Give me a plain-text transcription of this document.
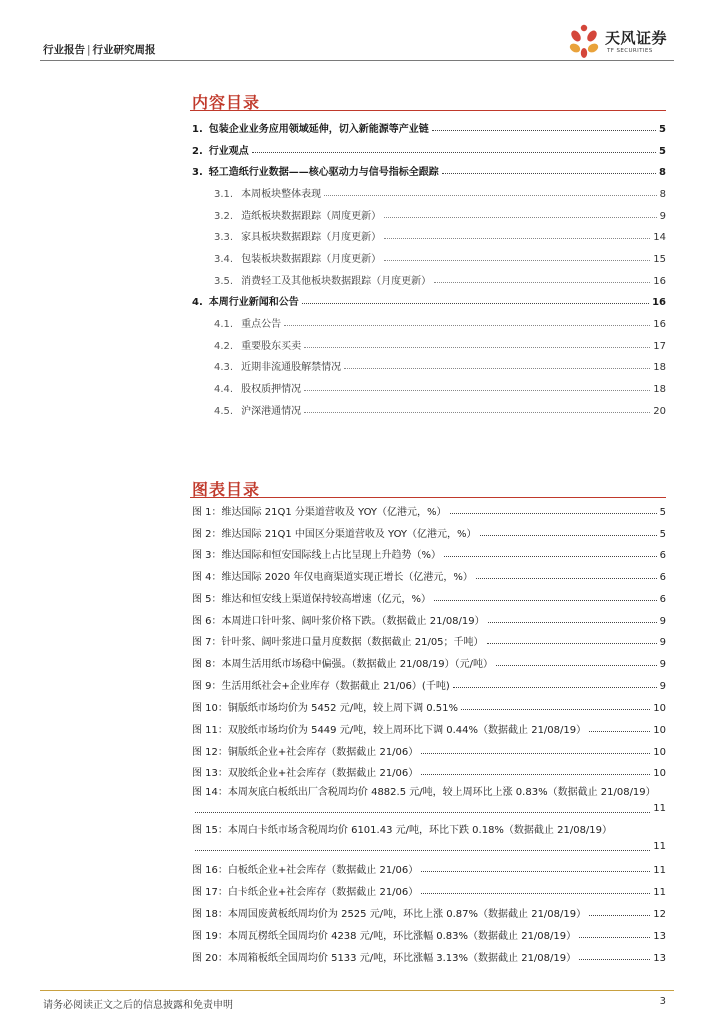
行业报告 | 行业研究周报
天风证券
TF SECURITIES
内容目录
1. 包装企业业务应用领域延伸，切入新能源等产业链	5
2. 行业观点	5
3. 轻工造纸行业数据——核心驱动力与信号指标全跟踪	8
3.1. 本周板块整体表现	8
3.2. 造纸板块数据跟踪（周度更新）	9
3.3. 家具板块数据跟踪（月度更新）	14
3.4. 包装板块数据跟踪（月度更新）	15
3.5. 消费轻工及其他板块数据跟踪（月度更新）	16
4. 本周行业新闻和公告	16
4.1. 重点公告	16
4.2. 重要股东买卖	17
4.3. 近期非流通股解禁情况	18
4.4. 股权质押情况	18
4.5. 沪深港通情况	20
图表目录
图 1：维达国际 21Q1 分渠道营收及 YOY（亿港元，%）	5
图 2：维达国际 21Q1 中国区分渠道营收及 YOY（亿港元，%）	5
图 3：维达国际和恒安国际线上占比呈现上升趋势（%）	6
图 4：维达国际 2020 年仅电商渠道实现正增长（亿港元，%）	6
图 5：维达和恒安线上渠道保持较高增速（亿元，%）	6
图 6：本周进口针叶浆、阔叶浆价格下跌。（数据截止 21/08/19）	9
图 7：针叶浆、阔叶浆进口量月度数据（数据截止 21/05；千吨）	9
图 8：本周生活用纸市场稳中偏强。（数据截止 21/08/19）（元/吨）	9
图 9：生活用纸社会+企业库存（数据截止 21/06）(千吨)	9
图 10：铜版纸市场均价为 5452 元/吨，较上周下调 0.51%	10
图 11：双胶纸市场均价为 5449 元/吨，较上周环比下调 0.44%（数据截止 21/08/19）	10
图 12：铜版纸企业+社会库存（数据截止 21/06）	10
图 13：双胶纸企业+社会库存（数据截止 21/06）	10
图 14：本周灰底白板纸出厂含税周均价 4882.5 元/吨，较上周环比上涨 0.83%（数据截止 21/08/19）
11
图 15：本周白卡纸市场含税周均价 6101.43 元/吨，环比下跌 0.18%（数据截止 21/08/19）
11
图 16：白板纸企业+社会库存（数据截止 21/06）	11
图 17：白卡纸企业+社会库存（数据截止 21/06）	11
图 18：本周国废黄板纸周均价为 2525 元/吨，环比上涨 0.87%（数据截止 21/08/19）	12
图 19：本周瓦楞纸全国周均价 4238 元/吨，环比涨幅 0.83%（数据截止 21/08/19）	13
图 20：本周箱板纸全国周均价 5133 元/吨，环比涨幅 3.13%（数据截止 21/08/19）	13
请务必阅读正文之后的信息披露和免责申明	3
